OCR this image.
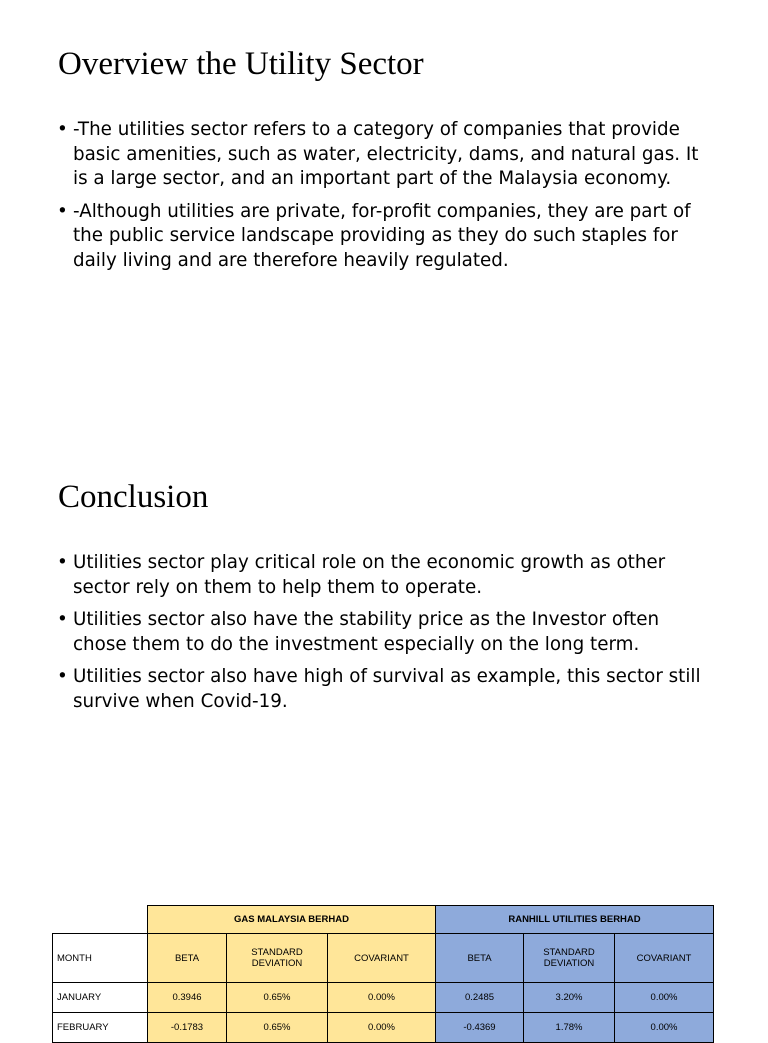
Overview the Utility Sector
• -The utilities sector refers to a category of companies that provide basic amenities, such as water, electricity, dams, and natural gas. It is a large sector, and an important part of the Malaysia economy.
• -Although utilities are private, for-profit companies, they are part of the public service landscape providing as they do such staples for daily living and are therefore heavily regulated.
Conclusion
• Utilities sector play critical role on the economic growth as other sector rely on them to help them to operate.
• Utilities sector also have the stability price as the Investor often chose them to do the investment especially on the long term.
• Utilities sector also have high of survival as example, this sector still survive when Covid-19.
	GAS MALAYSIA BERHAD			RANHILL UTILITIES BERHAD		
MONTH	BETA	STANDARD DEVIATION	COVARIANT	BETA	STANDARD DEVIATION	COVARIANT
JANUARY	0.3946	0.65%	0.00%	0.2485	3.20%	0.00%
FEBRUARY	-0.1783	0.65%	0.00%	-0.4369	1.78%	0.00%
